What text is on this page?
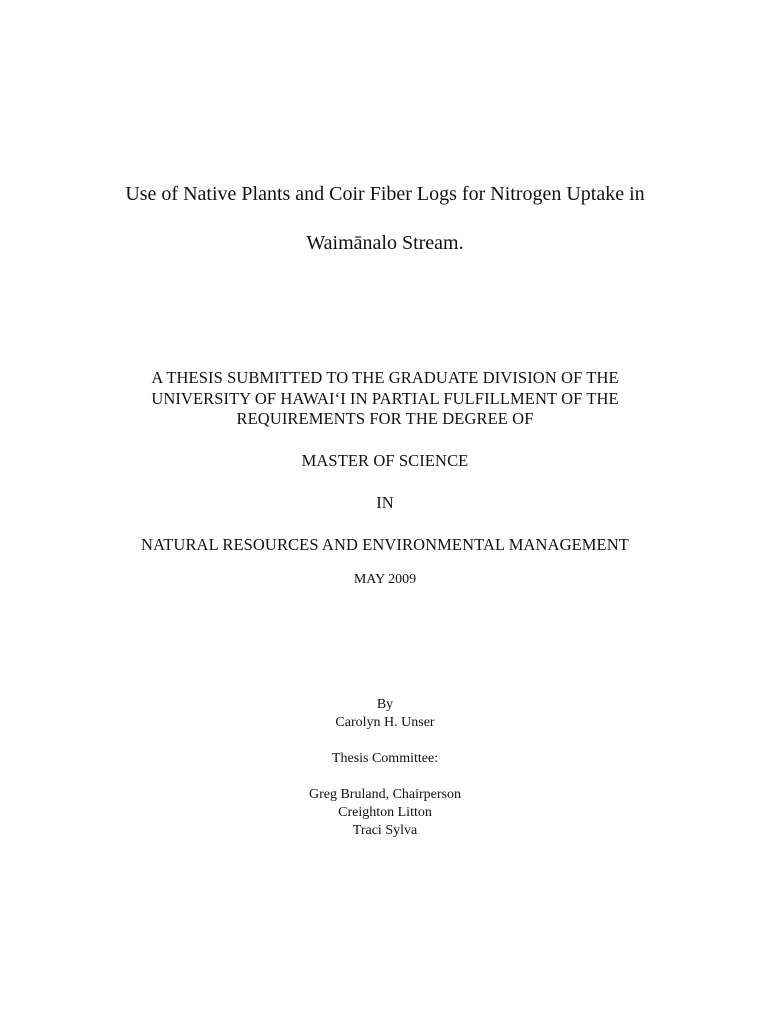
Use of Native Plants and Coir Fiber Logs for Nitrogen Uptake in
Waimānalo Stream.
A THESIS SUBMITTED TO THE GRADUATE DIVISION OF THE
UNIVERSITY OF HAWAI‘I IN PARTIAL FULFILLMENT OF THE
REQUIREMENTS FOR THE DEGREE OF
MASTER OF SCIENCE
IN
NATURAL RESOURCES AND ENVIRONMENTAL MANAGEMENT
MAY 2009
By
Carolyn H. Unser
Thesis Committee:
Greg Bruland, Chairperson
Creighton Litton
Traci Sylva
